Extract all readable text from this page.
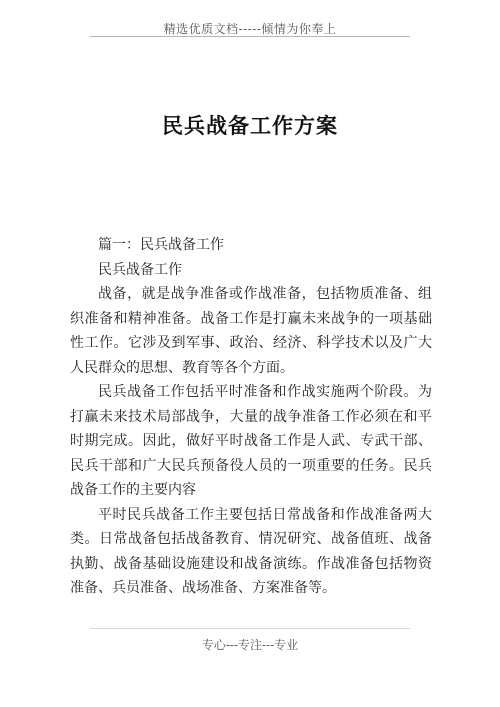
精选优质文档-----倾情为你奉上
民兵战备工作方案

篇一：民兵战备工作

民兵战备工作

战备，就是战争准备或作战准备，包括物质准备、组织准备和精神准备。战备工作是打赢未来战争的一项基础性工作。它涉及到军事、政治、经济、科学技术以及广大人民群众的思想、教育等各个方面。

民兵战备工作包括平时准备和作战实施两个阶段。为打赢未来技术局部战争，大量的战争准备工作必须在和平时期完成。因此，做好平时战备工作是人武、专武干部、民兵干部和广大民兵预备役人员的一项重要的任务。民兵战备工作的主要内容

平时民兵战备工作主要包括日常战备和作战准备两大类。日常战备包括战备教育、情况研究、战备值班、战备执勤、战备基础设施建设和战备演练。作战准备包括物资准备、兵员准备、战场准备、方案准备等。

专心---专注---专业
